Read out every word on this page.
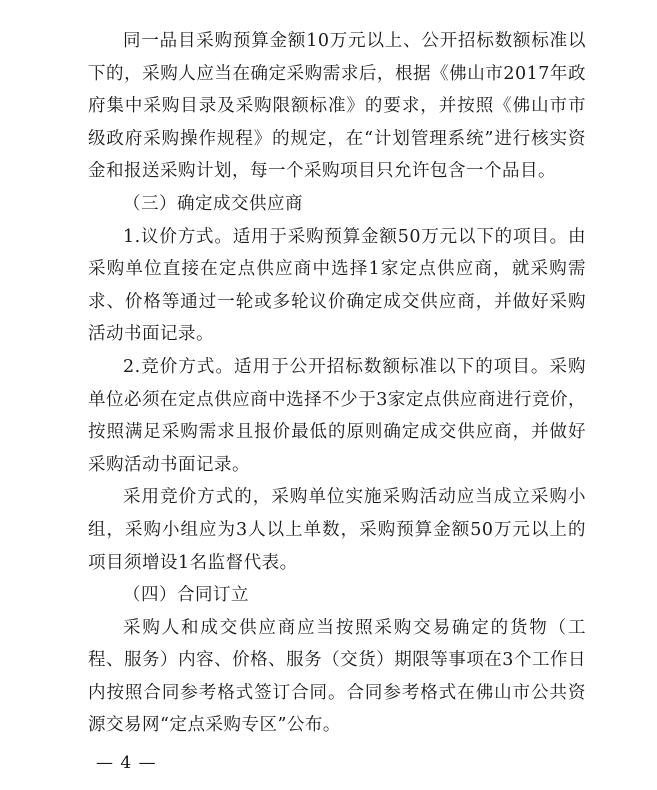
同一品目采购预算金额10万元以上、公开招标数额标准以下的，采购人应当在确定采购需求后，根据《佛山市2017年政府集中采购目录及采购限额标准》的要求，并按照《佛山市市级政府采购操作规程》的规定，在“计划管理系统”进行核实资金和报送采购计划，每一个采购项目只允许包含一个品目。

（三）确定成交供应商

1.议价方式。适用于采购预算金额50万元以下的项目。由采购单位直接在定点供应商中选择1家定点供应商，就采购需求、价格等通过一轮或多轮议价确定成交供应商，并做好采购活动书面记录。

2.竞价方式。适用于公开招标数额标准以下的项目。采购单位必须在定点供应商中选择不少于3家定点供应商进行竞价，按照满足采购需求且报价最低的原则确定成交供应商，并做好采购活动书面记录。

采用竞价方式的，采购单位实施采购活动应当成立采购小组，采购小组应为3人以上单数，采购预算金额50万元以上的项目须增设1名监督代表。

（四）合同订立

采购人和成交供应商应当按照采购交易确定的货物（工程、服务）内容、价格、服务（交货）期限等事项在3个工作日内按照合同参考格式签订合同。合同参考格式在佛山市公共资源交易网“定点采购专区”公布。

— 4 —
